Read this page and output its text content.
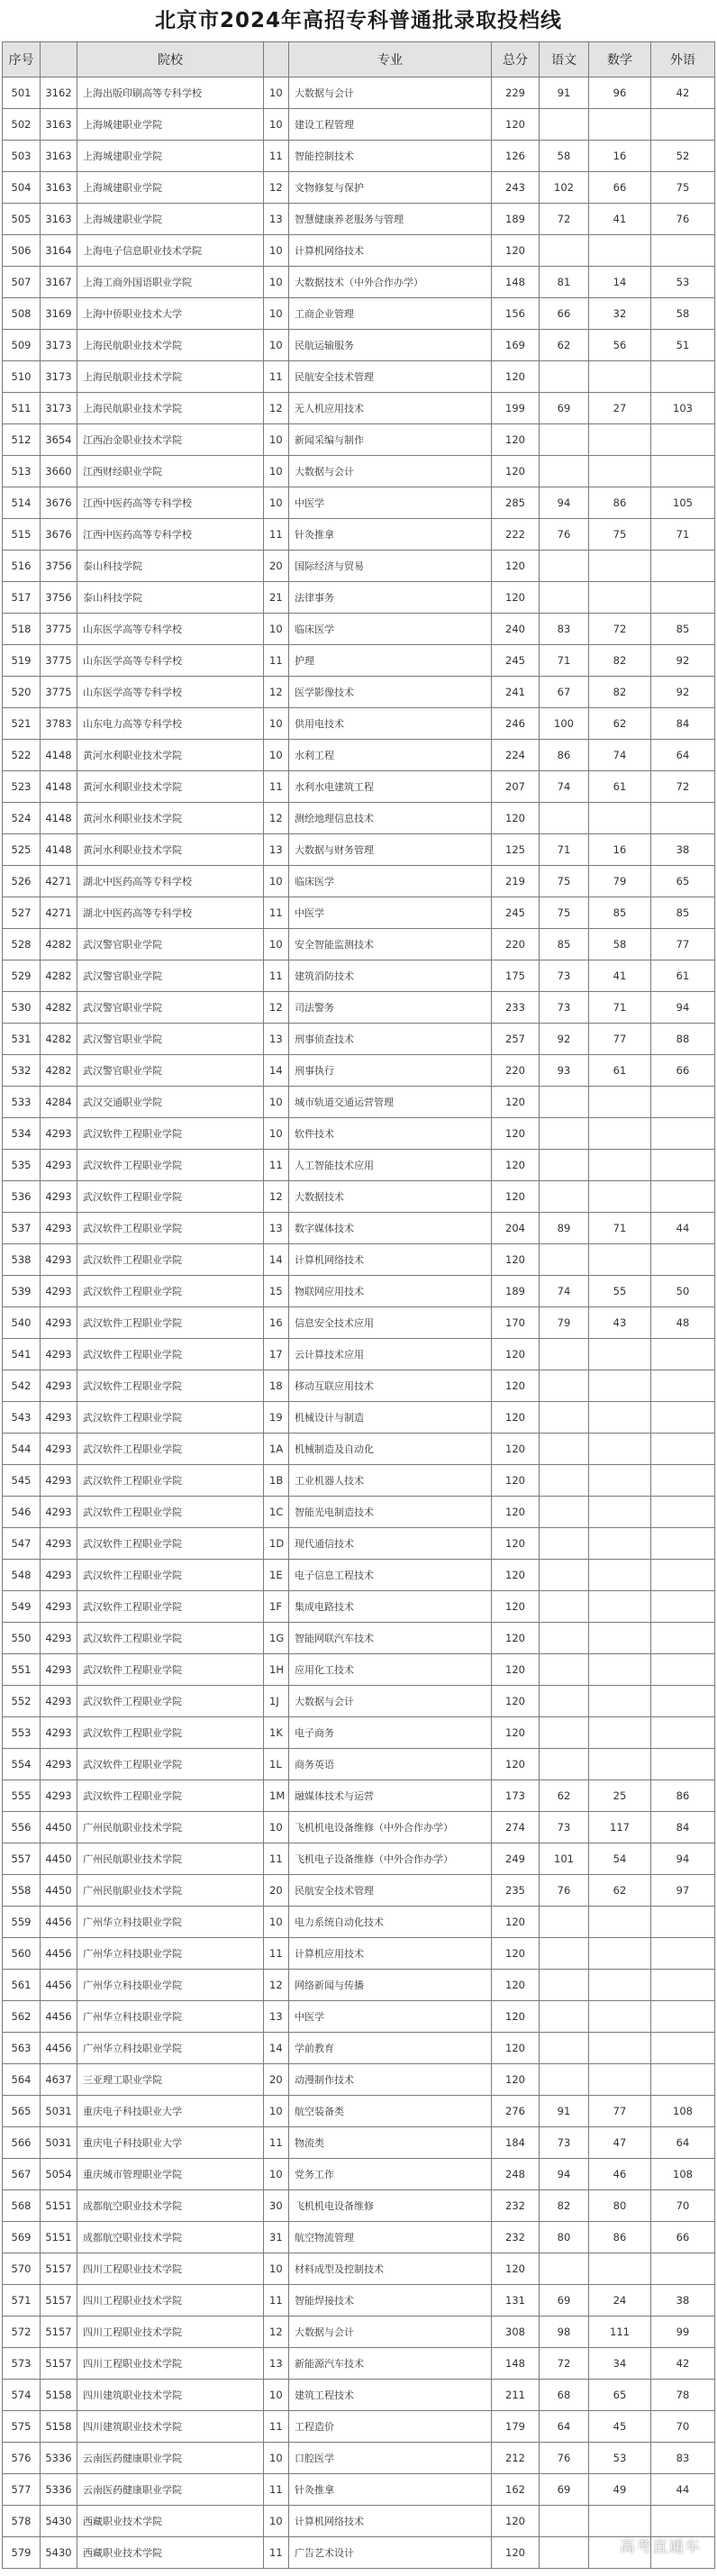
北京市2024年高招专科普通批录取投档线
序号		院校		专业	总分	语文	数学	外语
501	3162	上海出版印刷高等专科学校	10	大数据与会计	229	91	96	42
502	3163	上海城建职业学院	10	建设工程管理	120			
503	3163	上海城建职业学院	11	智能控制技术	126	58	16	52
504	3163	上海城建职业学院	12	文物修复与保护	243	102	66	75
505	3163	上海城建职业学院	13	智慧健康养老服务与管理	189	72	41	76
506	3164	上海电子信息职业技术学院	10	计算机网络技术	120			
507	3167	上海工商外国语职业学院	10	大数据技术（中外合作办学）	148	81	14	53
508	3169	上海中侨职业技术大学	10	工商企业管理	156	66	32	58
509	3173	上海民航职业技术学院	10	民航运输服务	169	62	56	51
510	3173	上海民航职业技术学院	11	民航安全技术管理	120			
511	3173	上海民航职业技术学院	12	无人机应用技术	199	69	27	103
512	3654	江西冶金职业技术学院	10	新闻采编与制作	120			
513	3660	江西财经职业学院	10	大数据与会计	120			
514	3676	江西中医药高等专科学校	10	中医学	285	94	86	105
515	3676	江西中医药高等专科学校	11	针灸推拿	222	76	75	71
516	3756	泰山科技学院	20	国际经济与贸易	120			
517	3756	泰山科技学院	21	法律事务	120			
518	3775	山东医学高等专科学校	10	临床医学	240	83	72	85
519	3775	山东医学高等专科学校	11	护理	245	71	82	92
520	3775	山东医学高等专科学校	12	医学影像技术	241	67	82	92
521	3783	山东电力高等专科学校	10	供用电技术	246	100	62	84
522	4148	黄河水利职业技术学院	10	水利工程	224	86	74	64
523	4148	黄河水利职业技术学院	11	水利水电建筑工程	207	74	61	72
524	4148	黄河水利职业技术学院	12	测绘地理信息技术	120			
525	4148	黄河水利职业技术学院	13	大数据与财务管理	125	71	16	38
526	4271	湖北中医药高等专科学校	10	临床医学	219	75	79	65
527	4271	湖北中医药高等专科学校	11	中医学	245	75	85	85
528	4282	武汉警官职业学院	10	安全智能监测技术	220	85	58	77
529	4282	武汉警官职业学院	11	建筑消防技术	175	73	41	61
530	4282	武汉警官职业学院	12	司法警务	233	73	71	94
531	4282	武汉警官职业学院	13	刑事侦查技术	257	92	77	88
532	4282	武汉警官职业学院	14	刑事执行	220	93	61	66
533	4284	武汉交通职业学院	10	城市轨道交通运营管理	120			
534	4293	武汉软件工程职业学院	10	软件技术	120			
535	4293	武汉软件工程职业学院	11	人工智能技术应用	120			
536	4293	武汉软件工程职业学院	12	大数据技术	120			
537	4293	武汉软件工程职业学院	13	数字媒体技术	204	89	71	44
538	4293	武汉软件工程职业学院	14	计算机网络技术	120			
539	4293	武汉软件工程职业学院	15	物联网应用技术	189	74	55	50
540	4293	武汉软件工程职业学院	16	信息安全技术应用	170	79	43	48
541	4293	武汉软件工程职业学院	17	云计算技术应用	120			
542	4293	武汉软件工程职业学院	18	移动互联应用技术	120			
543	4293	武汉软件工程职业学院	19	机械设计与制造	120			
544	4293	武汉软件工程职业学院	1A	机械制造及自动化	120			
545	4293	武汉软件工程职业学院	1B	工业机器人技术	120			
546	4293	武汉软件工程职业学院	1C	智能光电制造技术	120			
547	4293	武汉软件工程职业学院	1D	现代通信技术	120			
548	4293	武汉软件工程职业学院	1E	电子信息工程技术	120			
549	4293	武汉软件工程职业学院	1F	集成电路技术	120			
550	4293	武汉软件工程职业学院	1G	智能网联汽车技术	120			
551	4293	武汉软件工程职业学院	1H	应用化工技术	120			
552	4293	武汉软件工程职业学院	1J	大数据与会计	120			
553	4293	武汉软件工程职业学院	1K	电子商务	120			
554	4293	武汉软件工程职业学院	1L	商务英语	120			
555	4293	武汉软件工程职业学院	1M	融媒体技术与运营	173	62	25	86
556	4450	广州民航职业技术学院	10	飞机机电设备维修（中外合作办学）	274	73	117	84
557	4450	广州民航职业技术学院	11	飞机电子设备维修（中外合作办学）	249	101	54	94
558	4450	广州民航职业技术学院	20	民航安全技术管理	235	76	62	97
559	4456	广州华立科技职业学院	10	电力系统自动化技术	120			
560	4456	广州华立科技职业学院	11	计算机应用技术	120			
561	4456	广州华立科技职业学院	12	网络新闻与传播	120			
562	4456	广州华立科技职业学院	13	中医学	120			
563	4456	广州华立科技职业学院	14	学前教育	120			
564	4637	三亚理工职业学院	20	动漫制作技术	120			
565	5031	重庆电子科技职业大学	10	航空装备类	276	91	77	108
566	5031	重庆电子科技职业大学	11	物流类	184	73	47	64
567	5054	重庆城市管理职业学院	10	党务工作	248	94	46	108
568	5151	成都航空职业技术学院	30	飞机机电设备维修	232	82	80	70
569	5151	成都航空职业技术学院	31	航空物流管理	232	80	86	66
570	5157	四川工程职业技术学院	10	材料成型及控制技术	120			
571	5157	四川工程职业技术学院	11	智能焊接技术	131	69	24	38
572	5157	四川工程职业技术学院	12	大数据与会计	308	98	111	99
573	5157	四川工程职业技术学院	13	新能源汽车技术	148	72	34	42
574	5158	四川建筑职业技术学院	10	建筑工程技术	211	68	65	78
575	5158	四川建筑职业技术学院	11	工程造价	179	64	45	70
576	5336	云南医药健康职业学院	10	口腔医学	212	76	53	83
577	5336	云南医药健康职业学院	11	针灸推拿	162	69	49	44
578	5430	西藏职业技术学院	10	计算机网络技术	120			
579	5430	西藏职业技术学院	11	广告艺术设计	120				高考直通车
